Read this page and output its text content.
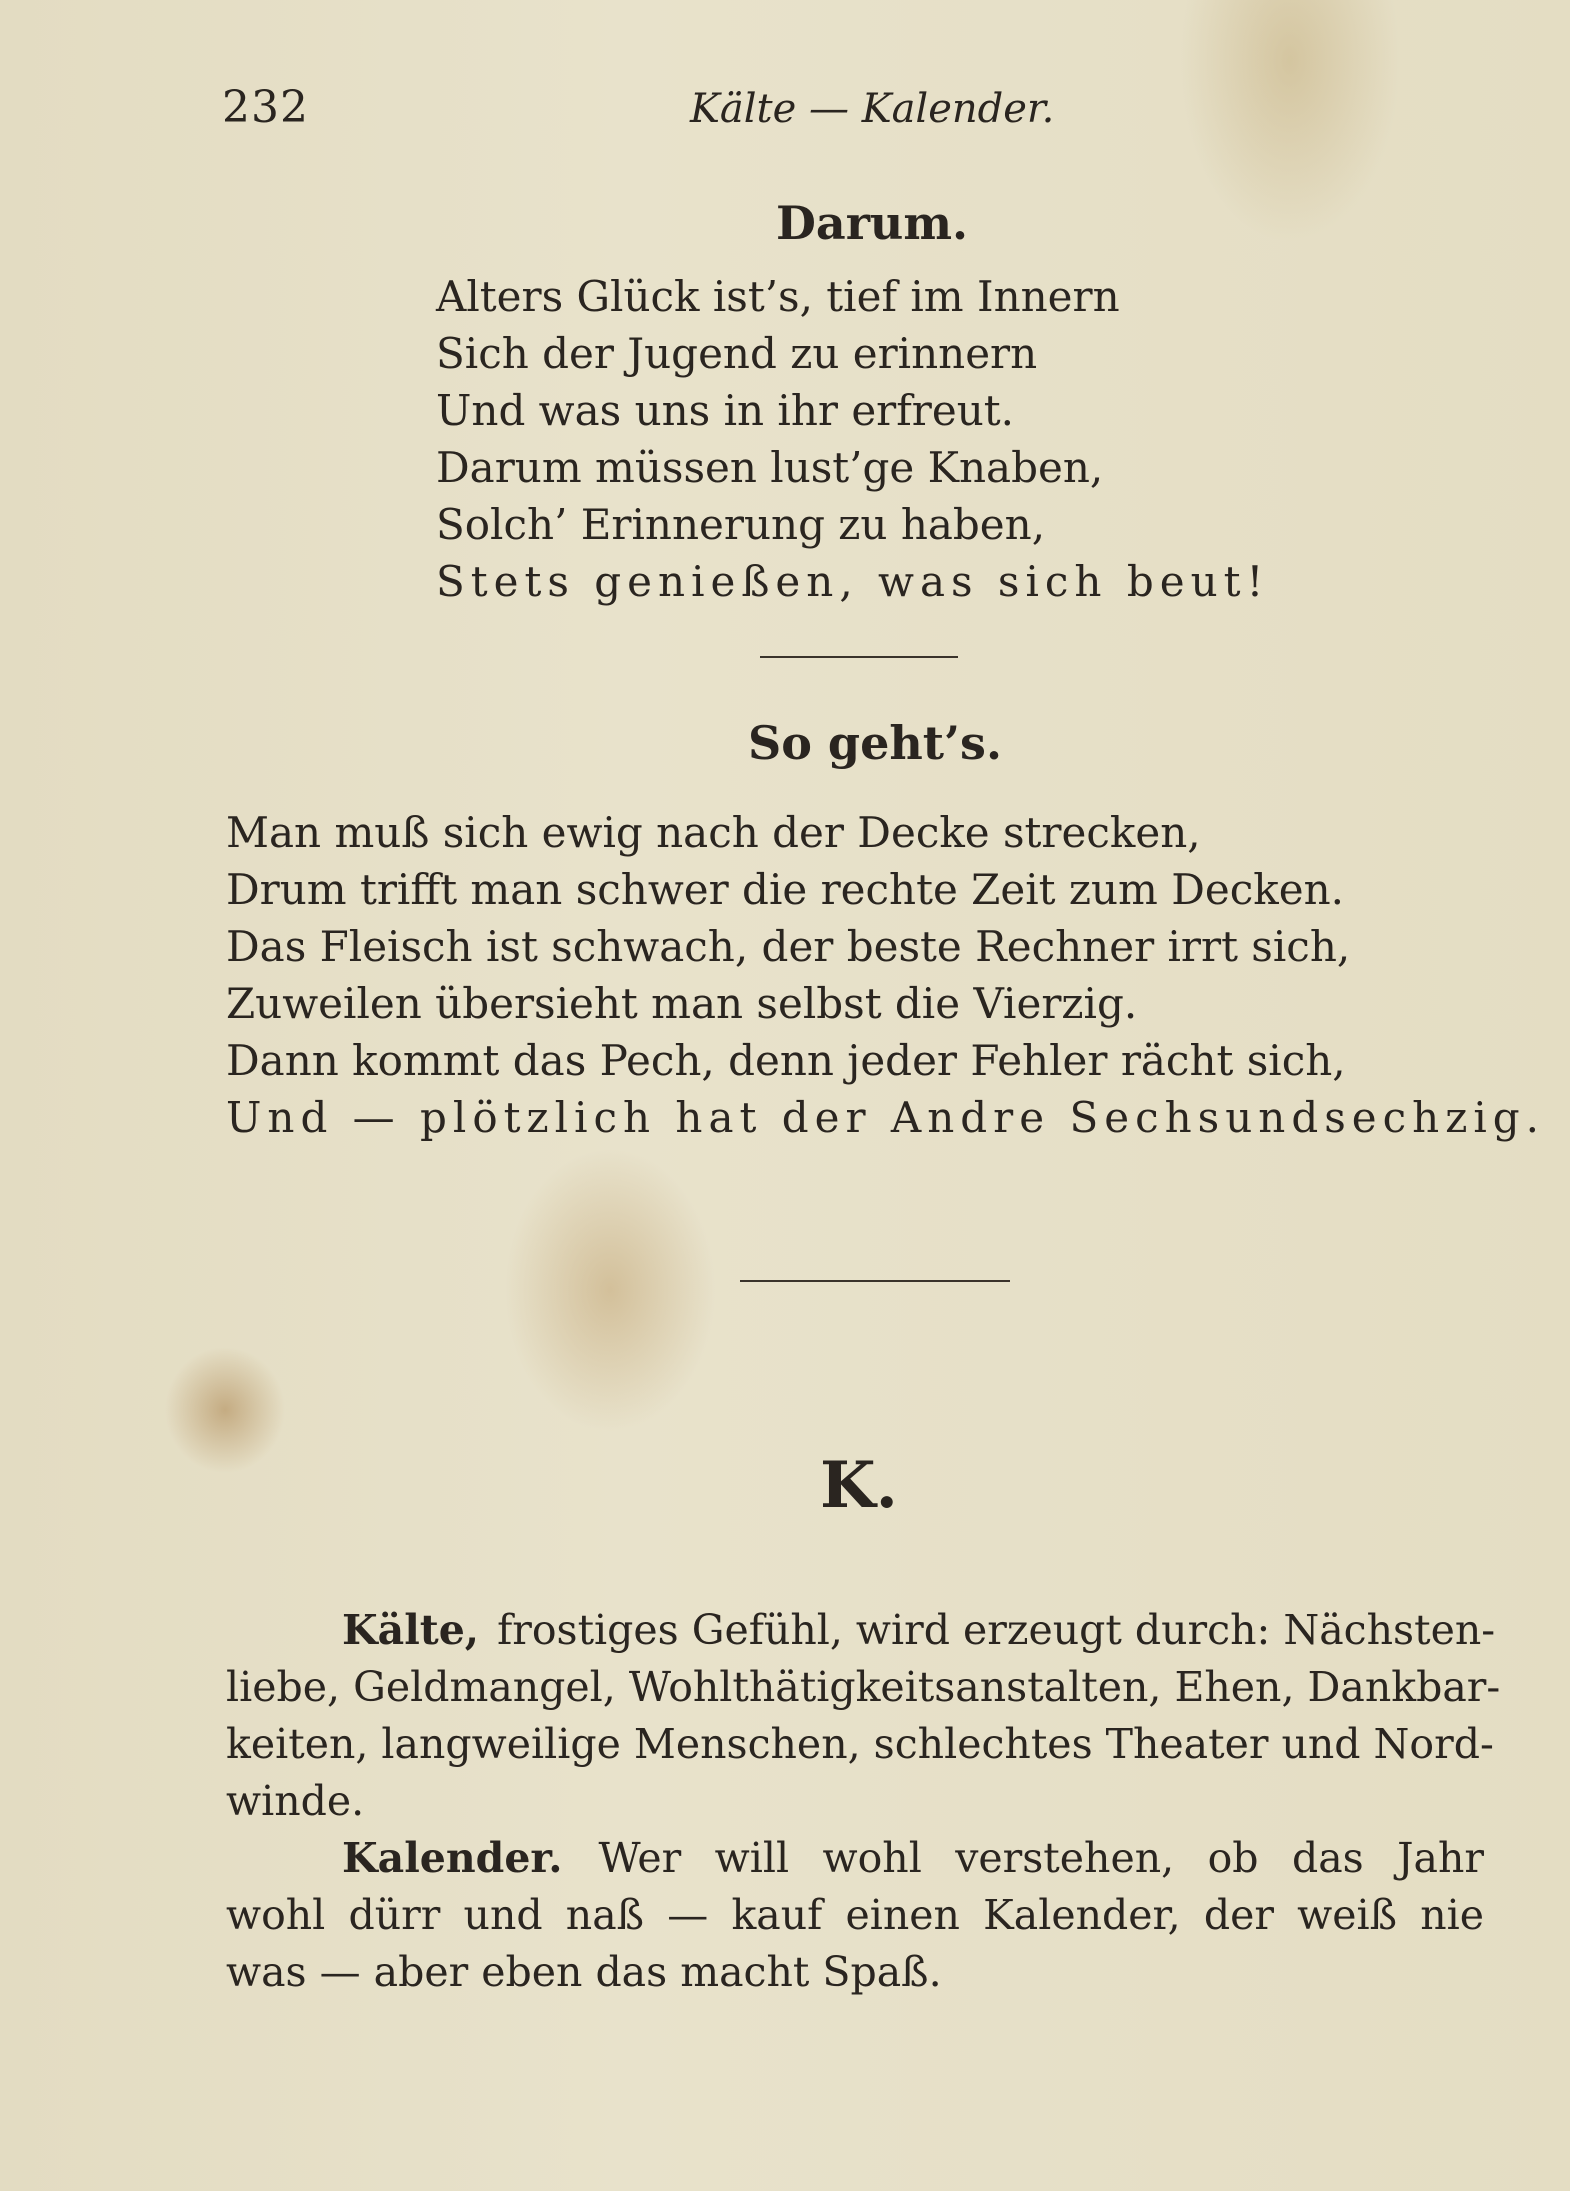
232	Kälte — Kalender.
Darum.
Alters Glück ist’s, tief im Innern
Sich der Jugend zu erinnern
Und was uns in ihr erfreut.
Darum müssen lust’ge Knaben,
Solch’ Erinnerung zu haben,
Stets genießen, was sich beut!
So geht’s.
Man muß sich ewig nach der Decke strecken,
Drum trifft man schwer die rechte Zeit zum Decken.
Das Fleisch ist schwach, der beste Rechner irrt sich,
Zuweilen übersieht man selbst die Vierzig.
Dann kommt das Pech, denn jeder Fehler rächt sich,
Und — plötzlich hat der Andre Sechsundsechzig.
K.
Kälte, frostiges Gefühl, wird erzeugt durch: Nächsten-
liebe, Geldmangel, Wohlthätigkeitsanstalten, Ehen, Dankbar-
keiten, langweilige Menschen, schlechtes Theater und Nord-
winde.
Kalender. Wer will wohl verstehen, ob das Jahr
wohl dürr und naß — kauf einen Kalender, der weiß nie
was — aber eben das macht Spaß.
